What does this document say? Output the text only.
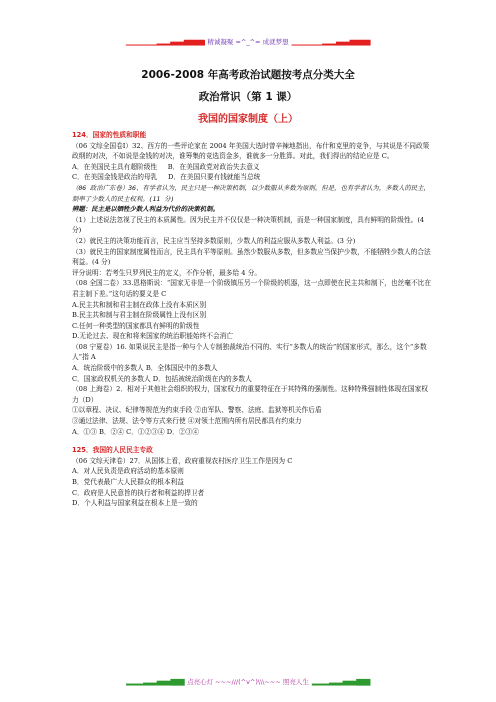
▁▁▁▁▁▁▁▁▁▂▂▂▂▄▄▄▄▆▆▆▆▆▆ 精诚凝聚 =^_^= 成就梦想 ▁▁▁▁▁▁▁▁▁▂▂▂▂▄▄▄▄▆▆▆▆▆▆
2006-2008 年高考政治试题按考点分类大全
政治常识（第 1 课）
我国的国家制度（上）

124．国家的性质和职能

（06 文综全国卷Ⅰ）32、西方的一些评论家在 2004 年美国大选时曾辛辣地指出，布什和克里的竞争，与其说是不同政策政纲的对决，不如说是金钱的对决，谁筹集的竞选资金多，谁就多一分胜算。对此，我们得出的结论应是 C。

A．在美国民主具有超阶级性 B．在美国政党对政治失去意义

C．在美国金钱是政治的母乳 D．在美国只要有钱就能当总统

（06 政治广东卷）36、有学者认为，民主只是一种决策机制，以少数服从多数为原则。但是，也有学者认为，多数人的民主，制率了少数人的民主权利。(11 分)

辨题：民主是以牺牲少数人利益为代价的决策机制。

（1）上述说法忽视了民主的本质属性。因为民主并不仅仅是一种决策机制，而是一种国家制度，具有鲜明的阶级性。(4 分)

（2）就民主的决策功能而言，民主应当坚持多数原则，少数人的利益应服从多数人利益。(3 分)

（3）就民主的国家制度属性而言，民主具有平等原则。虽然少数服从多数，但多数应当保护少数，不能牺牲少数人的合法利益。(4 分)

评分说明：若考生只罗列民主的定义，不作分析，最多给 4 分。

（08 全国二卷）33.恩格斯说：“国家无非是一个阶级镇压另一个阶级的机器，这一点即使在民主共和制下，也丝毫不比在君主制下差。”这句话的要义是 C

A.民主共和制和君主制在政体上没有本质区别

B.民主共和制与君主制在阶级属性上没有区别

C.任何一种类型的国家都具有鲜明的阶级性

D.无论过去、现在和将来国家的统治职能始终不会消亡

（08 宁夏卷）16. 如果说民主是指一种与个人专制独裁统治不同的、实行“多数人的统治”的国家形式，那么，这个“多数人”指 A

A．统治阶级中的多数人 B．全体国民中的多数人

C．国家政权机关的多数人 D．包括被统治阶级在内的多数人

（08 上海卷）2．相对于其他社会组织的权力，国家权力的重要特征在于其特殊的强制性。这种特殊强制性体现在国家权力（D）

①以章程、决议、纪律等规范为约束手段 ②由军队、警察、法庭、监狱等机关作后盾

③通过法律、法规、法令等方式来行使 ④对领土范围内所有居民都具有约束力

A．①③ B．②④ C．①②③④ D．②③④

125．我国的人民民主专政

（06 文综天津卷）27．从国体上看，政府重视农村医疗卫生工作是因为 C

A．对人民负责是政府活动的基本原则

B．党代表最广大人民群众的根本利益

C．政府是人民意旨的执行者和利益的捍卫者

D．个人利益与国家利益在根本上是一致的

▂▂▂▂▂▃▃▃▃▅▅▅▅▇▇▇▇ 点亮心灯 ~~~///(^v^)\\\~~~ 照亮人生 ▂▂▂▂▂▃▃▃▃▅▅▅▅▇▇▇▇
